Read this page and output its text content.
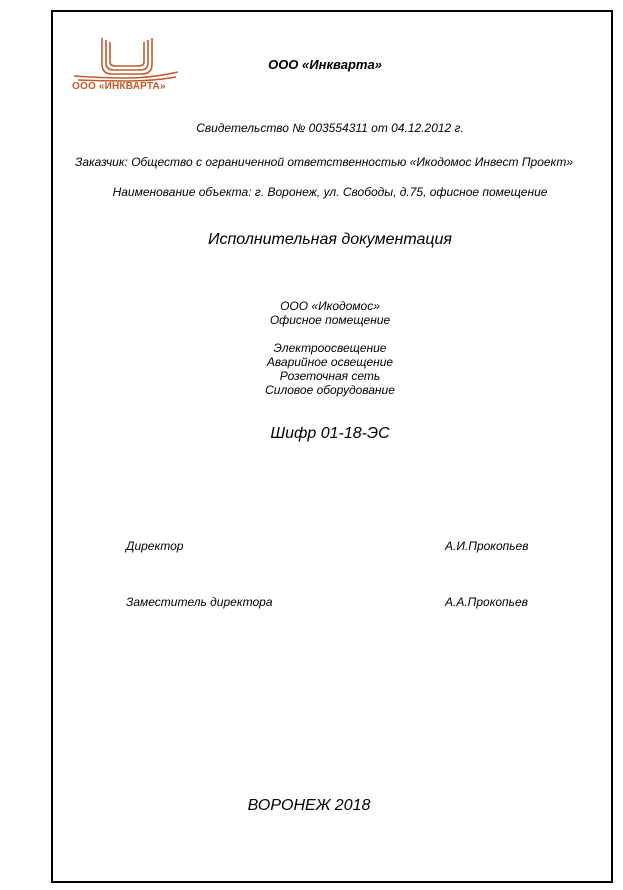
ООО «ИНКВАРТА»
ООО «Инкварта»
Свидетельство № 003554311 от 04.12.2012 г.
Заказчик: Общество с ограниченной ответственностью «Икодомос Инвест Проект»
Наименование объекта: г. Воронеж, ул. Свободы, д.75, офисное помещение
Исполнительная документация
ООО «Икодомос»
Офисное помещение
Электроосвещение
Аварийное освещение
Розеточная сеть
Силовое оборудование
Шифр 01-18-ЭС
Директор	А.И.Прокопьев
Заместитель директора	А.А.Прокопьев
ВОРОНЕЖ 2018
